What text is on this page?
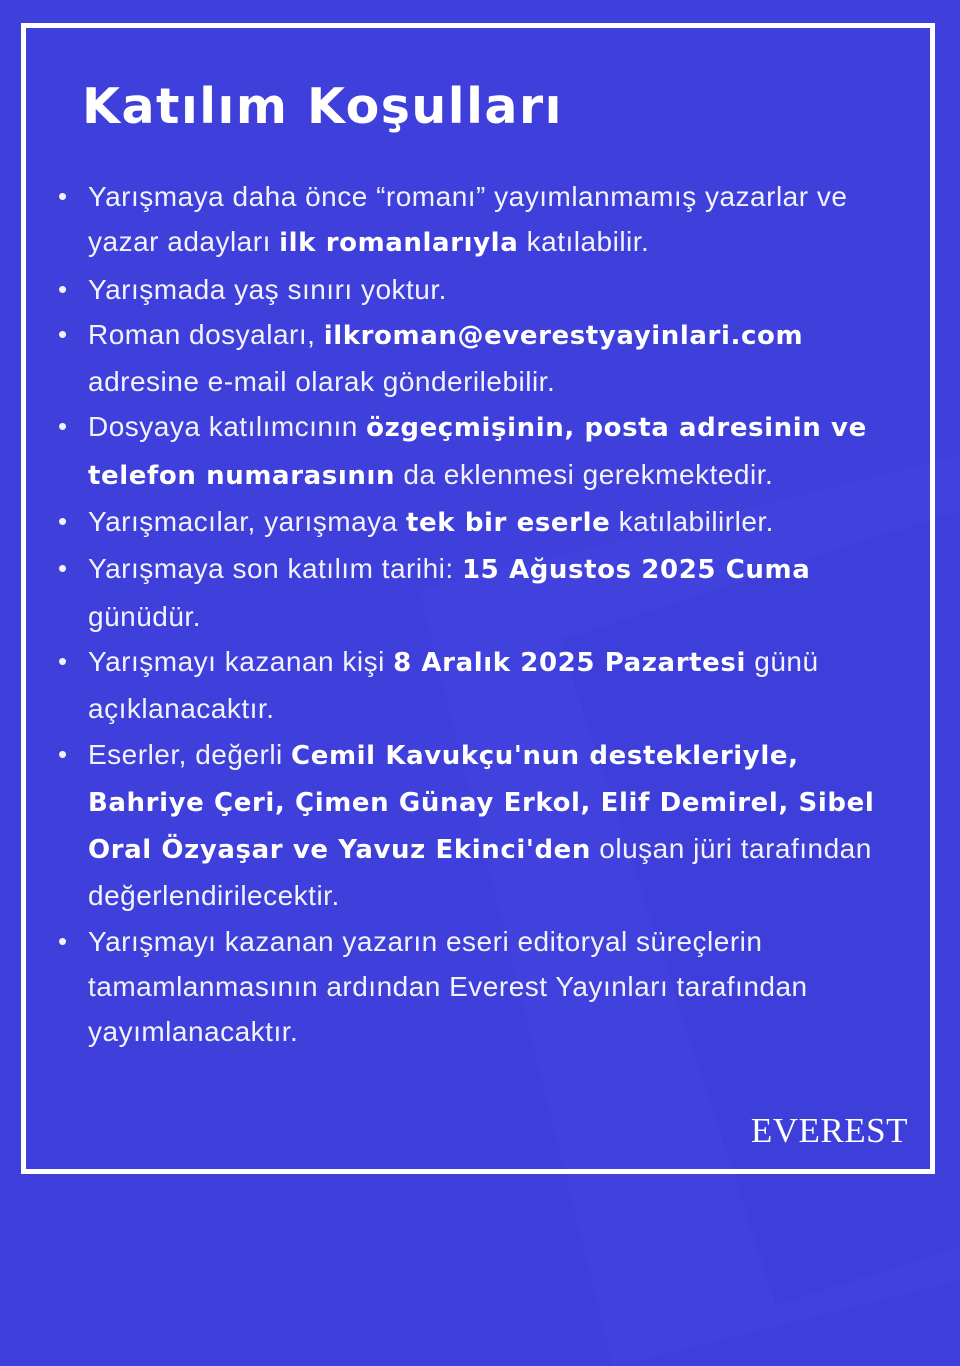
Katılım Koşulları
• Yarışmaya daha önce “romanı” yayımlanmamış yazarlar ve yazar adayları ilk romanlarıyla katılabilir.
• Yarışmada yaş sınırı yoktur.
• Roman dosyaları, ilkroman@everestyayinlari.com adresine e-mail olarak gönderilebilir.
• Dosyaya katılımcının özgeçmişinin, posta adresinin ve telefon numarasının da eklenmesi gerekmektedir.
• Yarışmacılar, yarışmaya tek bir eserle katılabilirler.
• Yarışmaya son katılım tarihi: 15 Ağustos 2025 Cuma günüdür.
• Yarışmayı kazanan kişi 8 Aralık 2025 Pazartesi günü açıklanacaktır.
• Eserler, değerli Cemil Kavukçu'nun destekleriyle, Bahriye Çeri, Çimen Günay Erkol, Elif Demirel, Sibel Oral Özyaşar ve Yavuz Ekinci'den oluşan jüri tarafından değerlendirilecektir.
• Yarışmayı kazanan yazarın eseri editoryal süreçlerin tamamlanmasının ardından Everest Yayınları tarafından yayımlanacaktır.
EVEREST
